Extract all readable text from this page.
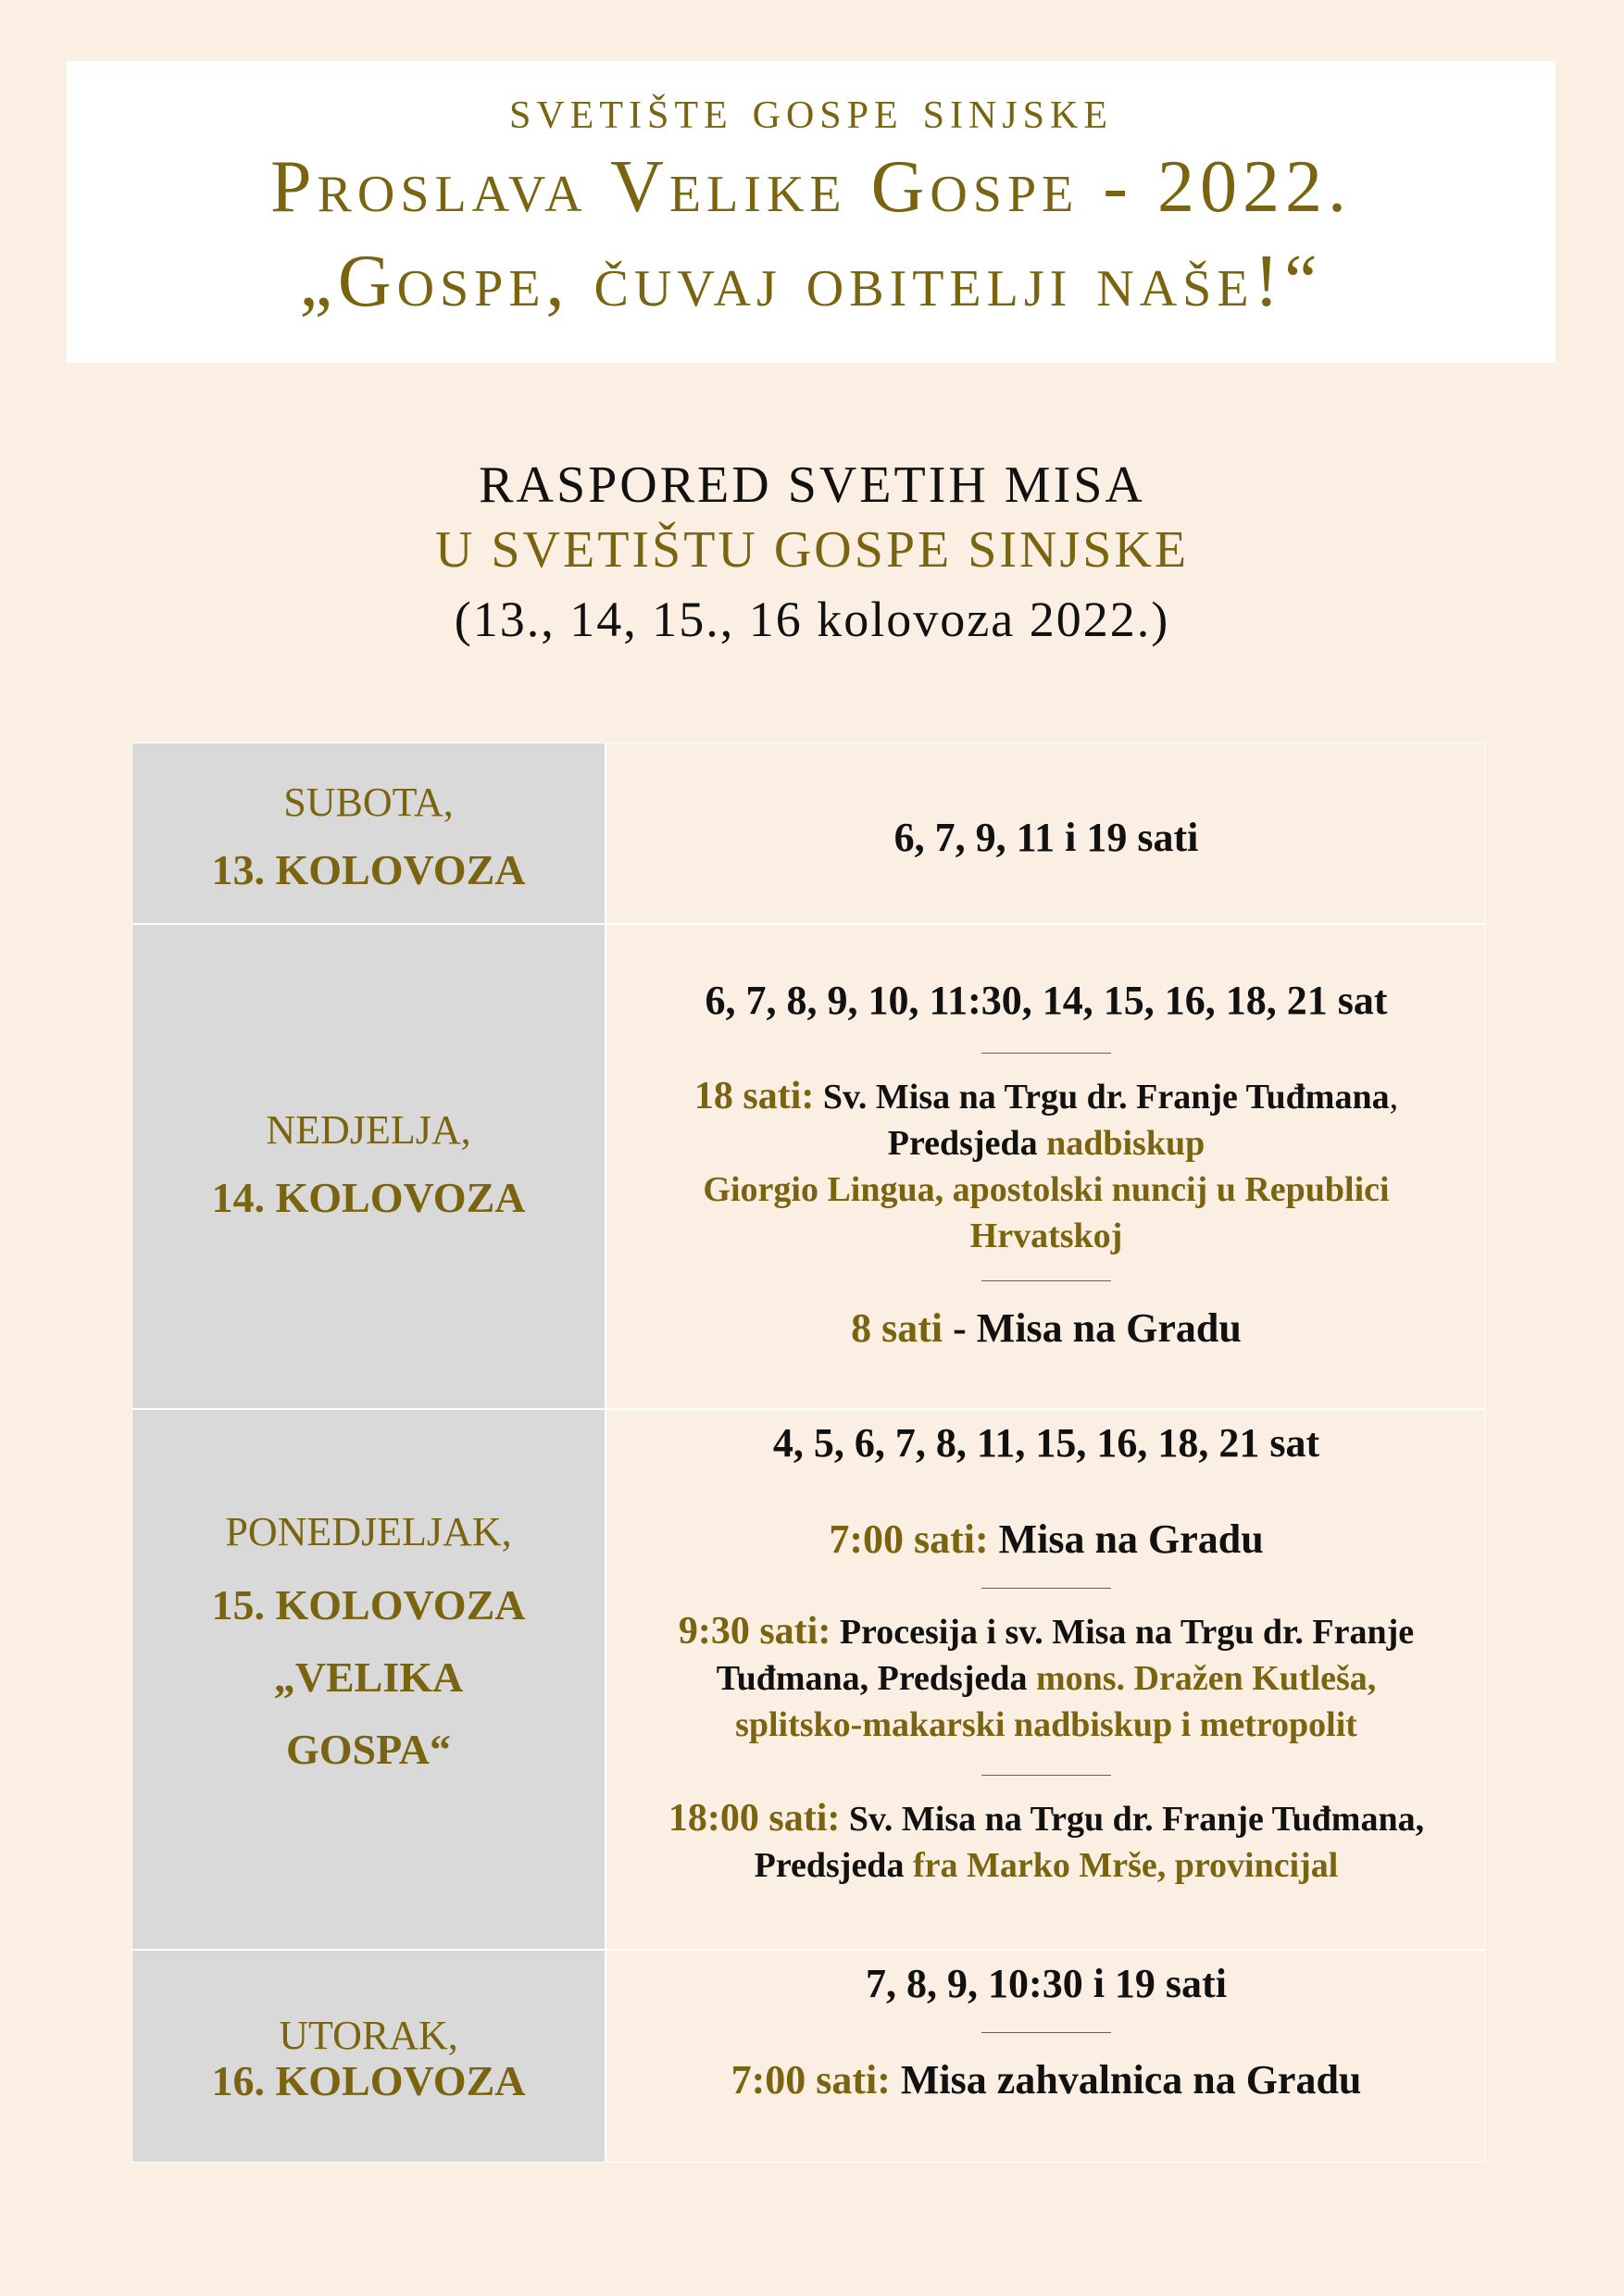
svetište gospe sinjske
Proslava Velike Gospe - 2022.
„Gospe, čuvaj obitelji naše!“
RASPORED SVETIH MISA
U SVETIŠTU GOSPE SINJSKE
(13., 14, 15., 16 kolovoza 2022.)
SUBOTA,
13. KOLOVOZA
6, 7, 9, 11 i 19 sati
NEDJELJA,
14. KOLOVOZA
6, 7, 8, 9, 10, 11:30, 14, 15, 16, 18, 21 sat
18 sati: Sv. Misa na Trgu dr. Franje Tuđmana,
Predsjeda nadbiskup
Giorgio Lingua, apostolski nuncij u Republici
Hrvatskoj
8 sati - Misa na Gradu
PONEDJELJAK,
15. KOLOVOZA
„VELIKA
GOSPA“
4, 5, 6, 7, 8, 11, 15, 16, 18, 21 sat
7:00 sati: Misa na Gradu
9:30 sati: Procesija i sv. Misa na Trgu dr. Franje
Tuđmana, Predsjeda mons. Dražen Kutleša,
splitsko-makarski nadbiskup i metropolit
18:00 sati: Sv. Misa na Trgu dr. Franje Tuđmana,
Predsjeda fra Marko Mrše, provincijal
UTORAK,
16. KOLOVOZA
7, 8, 9, 10:30 i 19 sati
7:00 sati: Misa zahvalnica na Gradu
